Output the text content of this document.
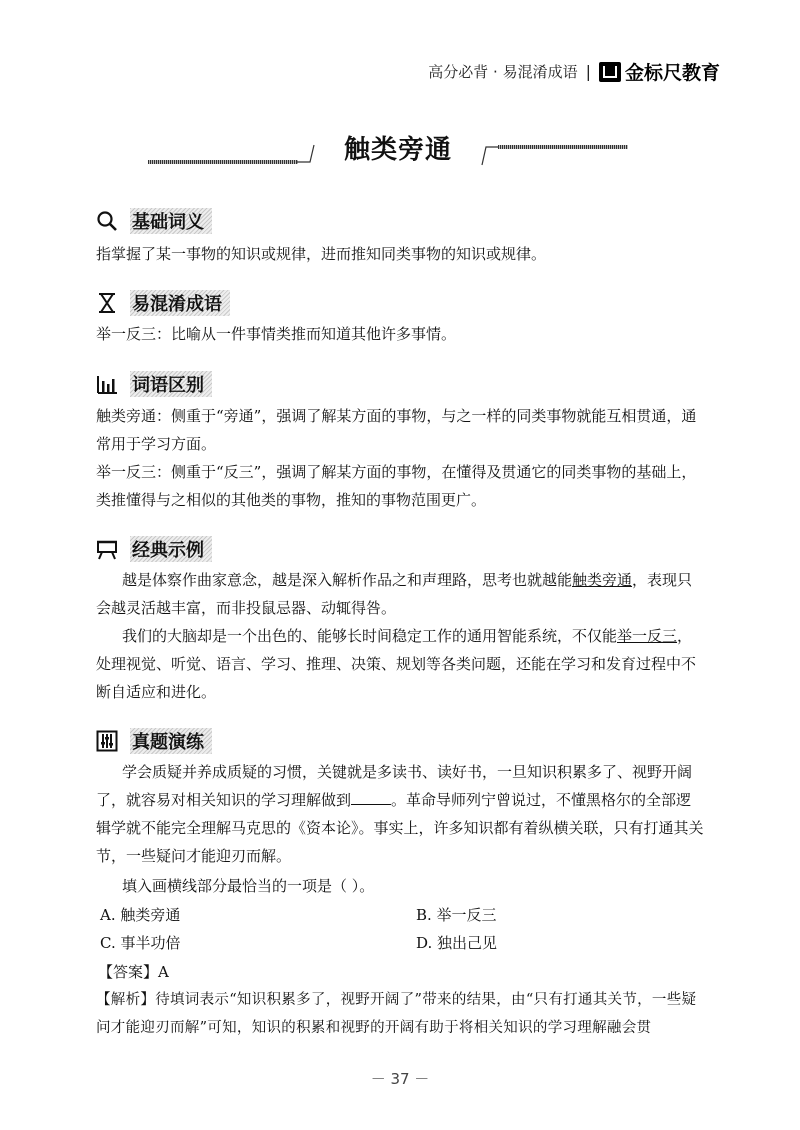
高分必背 · 易混淆成语 | 金标尺教育
触类旁通
基础词义
指掌握了某一事物的知识或规律，进而推知同类事物的知识或规律。
易混淆成语
举一反三：比喻从一件事情类推而知道其他许多事情。
词语区别
触类旁通：侧重于“旁通”，强调了解某方面的事物，与之一样的同类事物就能互相贯通，通常用于学习方面。
举一反三：侧重于“反三”，强调了解某方面的事物，在懂得及贯通它的同类事物的基础上，类推懂得与之相似的其他类的事物，推知的事物范围更广。
经典示例
越是体察作曲家意念，越是深入解析作品之和声理路，思考也就越能触类旁通，表现只会越灵活越丰富，而非投鼠忌器、动辄得咎。
我们的大脑却是一个出色的、能够长时间稳定工作的通用智能系统，不仅能举一反三，处理视觉、听觉、语言、学习、推理、决策、规划等各类问题，还能在学习和发育过程中不断自适应和进化。
真题演练
学会质疑并养成质疑的习惯，关键就是多读书、读好书，一旦知识积累多了、视野开阔了，就容易对相关知识的学习理解做到	。革命导师列宁曾说过，不懂黑格尔的全部逻辑学就不能完全理解马克思的《资本论》。事实上，许多知识都有着纵横关联，只有打通其关节，一些疑问才能迎刃而解。
填入画横线部分最恰当的一项是（ ）。
A. 触类旁通	B. 举一反三
C. 事半功倍	D. 独出己见
【答案】A
【解析】待填词表示“知识积累多了，视野开阔了”带来的结果，由“只有打通其关节，一些疑问才能迎刃而解”可知，知识的积累和视野的开阔有助于将相关知识的学习理解融会贯
－ 37 －
